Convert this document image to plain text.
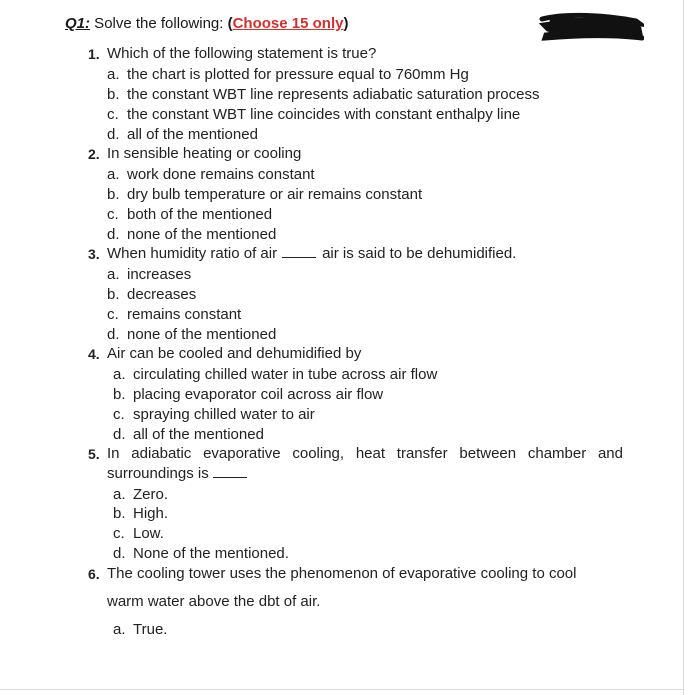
Q1: Solve the following: (Choose 15 only)
1. Which of the following statement is true?
a. the chart is plotted for pressure equal to 760mm Hg
b. the constant WBT line represents adiabatic saturation process
c. the constant WBT line coincides with constant enthalpy line
d. all of the mentioned
2. In sensible heating or cooling
a. work done remains constant
b. dry bulb temperature or air remains constant
c. both of the mentioned
d. none of the mentioned
3. When humidity ratio of air	air is said to be dehumidified.
a. increases
b. decreases
c. remains constant
d. none of the mentioned
4. Air can be cooled and dehumidified by
a. circulating chilled water in tube across air flow
b. placing evaporator coil across air flow
c. spraying chilled water to air
d. all of the mentioned
5. In adiabatic evaporative cooling, heat transfer between chamber and
surroundings is
a. Zero.
b. High.
c. Low.
d. None of the mentioned.
6. The cooling tower uses the phenomenon of evaporative cooling to cool
warm water above the dbt of air.
a. True.
